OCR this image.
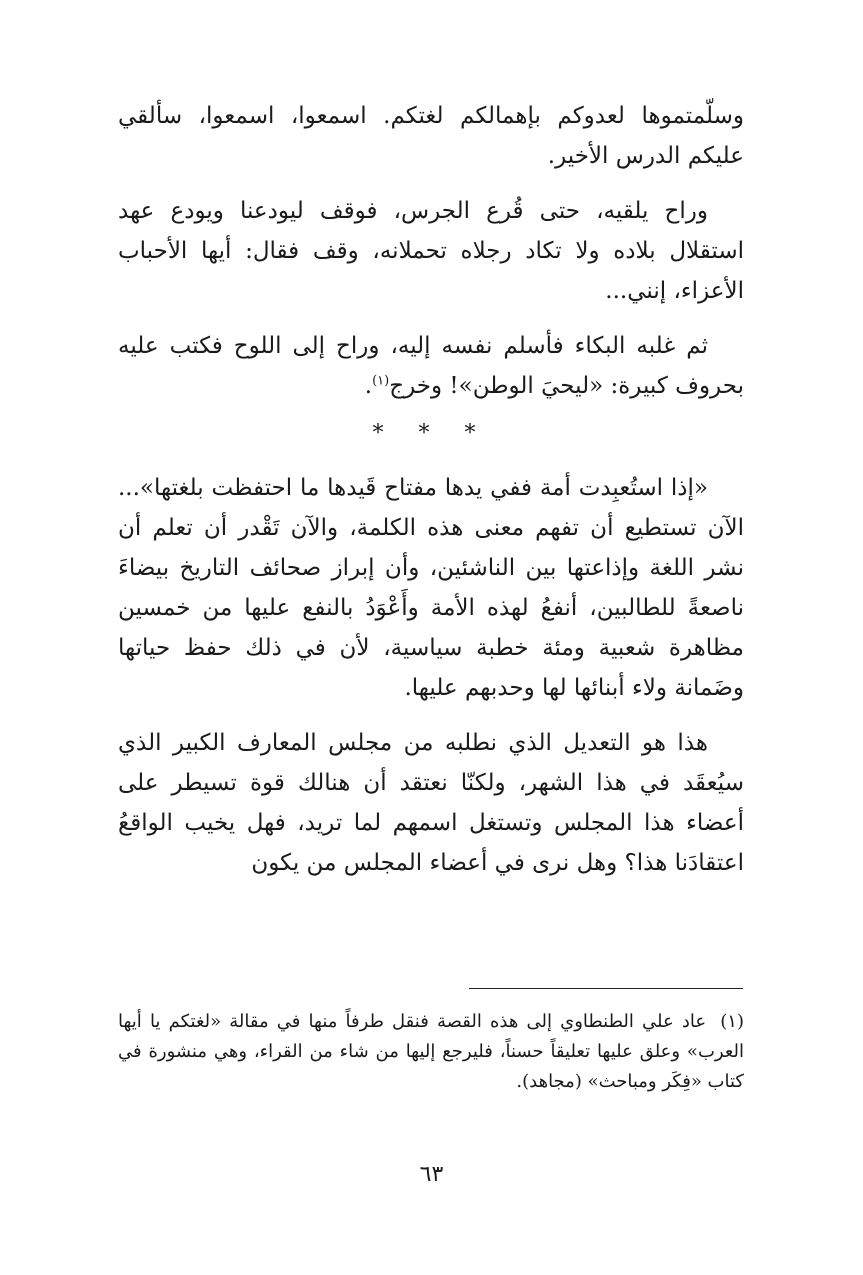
وسلّمتموها لعدوكم بإهمالكم لغتكم. اسمعوا، اسمعوا، سألقي عليكم الدرس الأخير.

وراح يلقيه، حتى قُرع الجرس، فوقف ليودعنا ويودع عهد استقلال بلاده ولا تكاد رجلاه تحملانه، وقف فقال: أيها الأحباب الأعزاء، إنني...

ثم غلبه البكاء فأسلم نفسه إليه، وراح إلى اللوح فكتب عليه بحروف كبيرة: «ليحيَ الوطن»! وخرج$^{(١)}$.

* * *

«إذا استُعبِدت أمة ففي يدها مفتاح قَيدها ما احتفظت بلغتها»... الآن تستطيع أن تفهم معنى هذه الكلمة، والآن تَقْدر أن تعلم أن نشر اللغة وإذاعتها بين الناشئين، وأن إبراز صحائف التاريخ بيضاءَ ناصعةً للطالبين، أنفعُ لهذه الأمة وأَعْوَدُ بالنفع عليها من خمسين مظاهرة شعبية ومئة خطبة سياسية، لأن في ذلك حفظ حياتها وضَمانة ولاء أبنائها لها وحدبهم عليها.

هذا هو التعديل الذي نطلبه من مجلس المعارف الكبير الذي سيُعقَد في هذا الشهر، ولكنّا نعتقد أن هنالك قوة تسيطر على أعضاء هذا المجلس وتستغل اسمهم لما تريد، فهل يخيب الواقعُ اعتقادَنا هذا؟ وهل نرى في أعضاء المجلس من يكون

(١) عاد علي الطنطاوي إلى هذه القصة فنقل طرفاً منها في مقالة «لغتكم يا أيها العرب» وعلق عليها تعليقاً حسناً، فليرجع إليها من شاء من القراء، وهي منشورة في كتاب «فِكَر ومباحث» (مجاهد).
٦٣
